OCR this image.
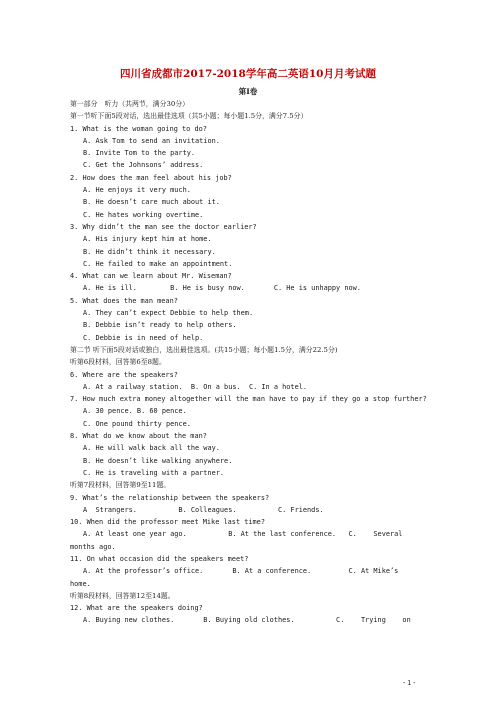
四川省成都市2017-2018学年高二英语10月月考试题
第Ⅰ卷
第一部分　听力（共两节，满分30分）
第一节听下面5段对话，选出最佳选项（共5小题；每小题1.5分，满分7.5分）
1. What is the woman going to do?
A. Ask Tom to send an invitation.
B. Invite Tom to the party.
C. Get the Johnsons’ address.
2. How does the man feel about his job?
A. He enjoys it very much.
B. He doesn’t care much about it.
C. He hates working overtime.
3. Why didn’t the man see the doctor earlier?
A. His injury kept him at home.
B. He didn’t think it necessary.
C. He failed to make an appointment.
4. What can we learn about Mr. Wiseman?
A. He is ill.        B. He is busy now.       C. He is unhappy now.
5. What does the man mean?
A. They can’t expect Debbie to help them.
B. Debbie isn’t ready to help others.
C. Debbie is in need of help.
第二节 听下面5段对话或独白，选出最佳选项。(共15小题；每小题1.5分，满分22.5分)
听第6段材料，回答第6至8题。
6. Where are the speakers?
A. At a railway station.  B. On a bus.  C. In a hotel.
7. How much extra money altogether will the man have to pay if they go a stop further?
A. 30 pence. B. 60 pence.
C. One pound thirty pence.
8. What do we know about the man?
A. He will walk back all the way.
B. He doesn’t like walking anywhere.
C. He is traveling with a partner.
听第7段材料，回答第9至11题。
9. What’s the relationship between the speakers?
A  Strangers.          B. Colleagues.          C. Friends.
10. When did the professor meet Mike last time?
A. At least one year ago.          B. At the last conference.   C.    Several
months ago.
11. On what occasion did the speakers meet?
A. At the professor’s office.       B. At a conference.         C. At Mike’s
home.
听第8段材料，回答第12至14题。
12. What are the speakers doing?
A. Buying new clothes.       B. Buying old clothes.          C.    Trying    on
- 1 -
